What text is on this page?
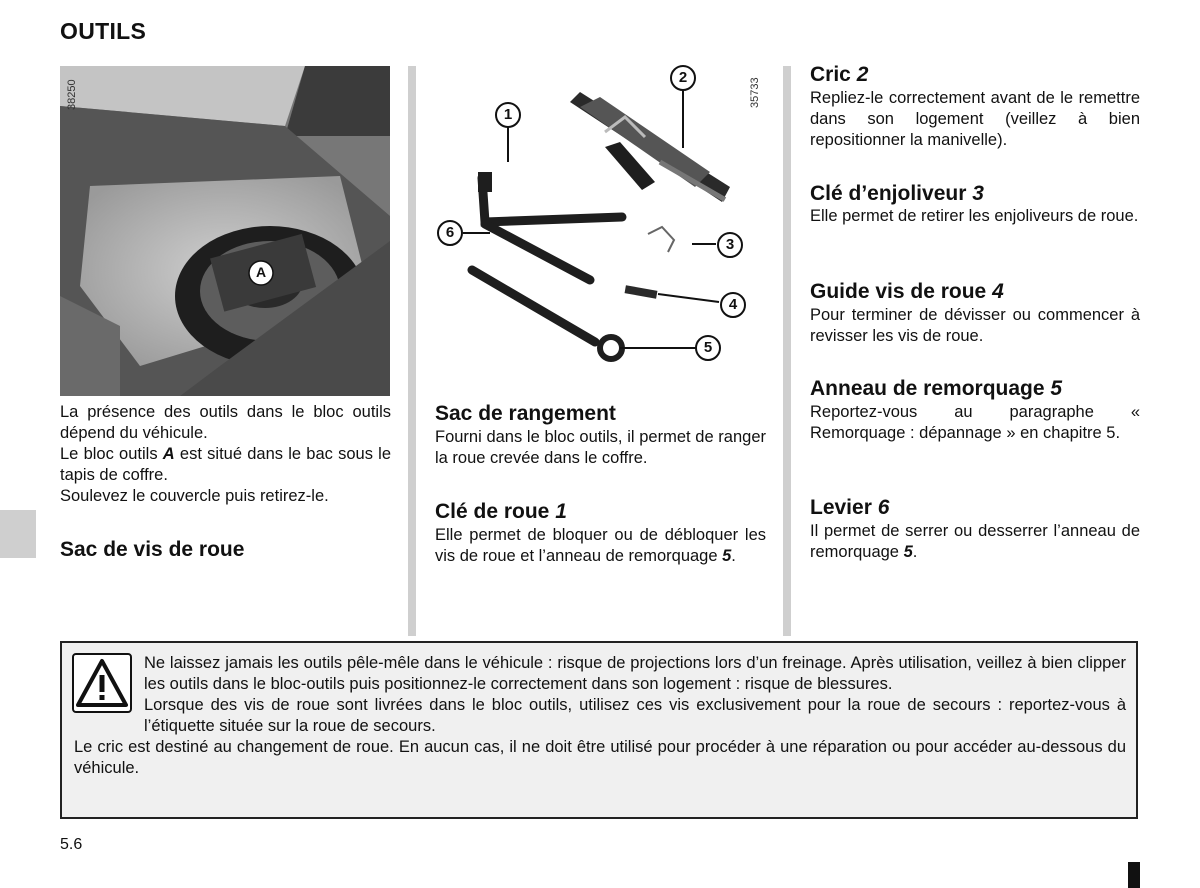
OUTILS
A
38250

La présence des outils dans le bloc outils dépend du véhicule.

Le bloc outils A est situé dans le bac sous le tapis de coffre.

Soulevez le couvercle puis retirez-le.

Sac de vis de roue
1
2
3
4
5
6
35733
Sac de rangement

Fourni dans le bloc outils, il permet de ranger la roue crevée dans le coffre.

Clé de roue 1

Elle permet de bloquer ou de débloquer les vis de roue et l’anneau de remorquage 5.

Cric 2

Repliez-le correctement avant de le remettre dans son logement (veillez à bien repositionner la manivelle).

Clé d’enjoliveur 3

Elle permet de retirer les enjoliveurs de roue.

Guide vis de roue 4

Pour terminer de dévisser ou commencer à revisser les vis de roue.

Anneau de remorquage 5

Reportez-vous au paragraphe « Remorquage : dépannage » en chapitre 5.

Levier 6

Il permet de serrer ou desserrer l’anneau de remorquage 5.

Ne laissez jamais les outils pêle-mêle dans le véhicule : risque de projections lors d’un freinage. Après utilisation, veillez à bien clipper les outils dans le bloc-outils puis positionnez-le correctement dans son logement : risque de blessures.

Lorsque des vis de roue sont livrées dans le bloc outils, utilisez ces vis exclusivement pour la roue de secours : reportez-vous à l’étiquette située sur la roue de secours.

Le cric est destiné au changement de roue. En aucun cas, il ne doit être utilisé pour procéder à une réparation ou pour accéder au-dessous du véhicule.

5.6
